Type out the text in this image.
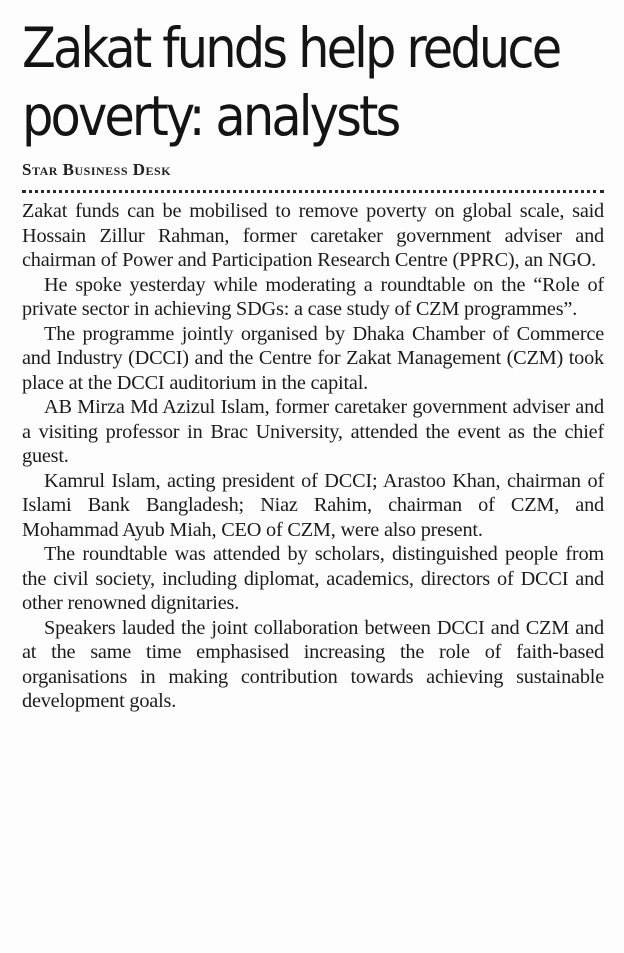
Zakat funds help reduce
poverty: analysts
Star Business Desk

Zakat funds can be mobilised to remove poverty on global scale, said Hossain Zillur Rahman, former caretaker government adviser and chairman of Power and Participation Research Centre (PPRC), an NGO.

He spoke yesterday while moderating a roundtable on the “Role of private sector in achieving SDGs: a case study of CZM programmes”.

The programme jointly organised by Dhaka Chamber of Commerce and Industry (DCCI) and the Centre for Zakat Management (CZM) took place at the DCCI auditorium in the capital.

AB Mirza Md Azizul Islam, former caretaker government adviser and a visiting professor in Brac University, attended the event as the chief guest.

Kamrul Islam, acting president of DCCI; Arastoo Khan, chairman of Islami Bank Bangladesh; Niaz Rahim, chairman of CZM, and Mohammad Ayub Miah, CEO of CZM, were also present.

The roundtable was attended by scholars, distinguished people from the civil society, including diplomat, academics, directors of DCCI and other renowned dignitaries.

Speakers lauded the joint collaboration between DCCI and CZM and at the same time emphasised increasing the role of faith-based organisations in making contribution towards achieving sustainable development goals.
